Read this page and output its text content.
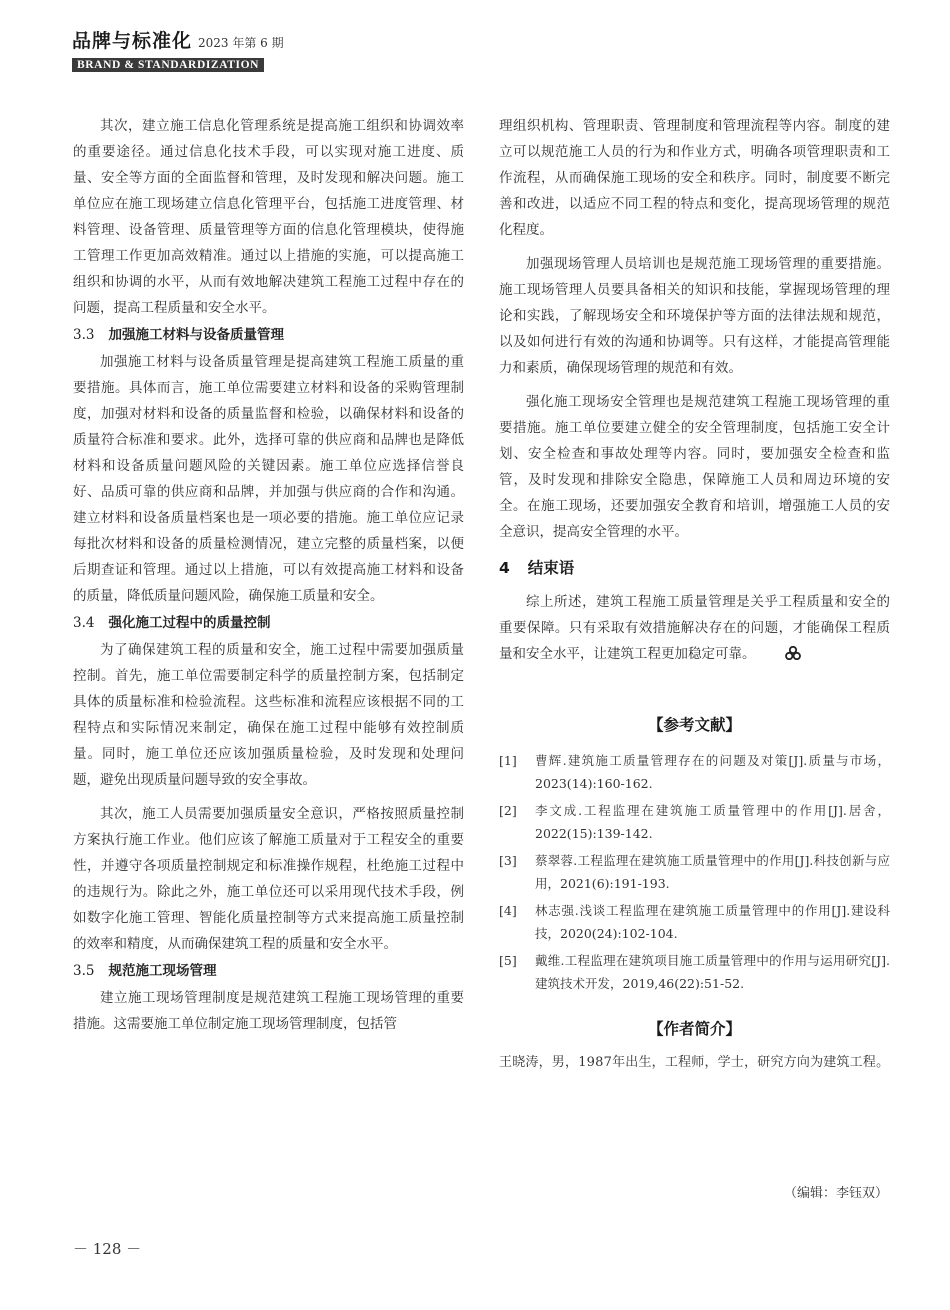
品牌与标准化 2023 年第 6 期
BRAND & STANDARDIZATION

其次，建立施工信息化管理系统是提高施工组织和协调效率的重要途径。通过信息化技术手段，可以实现对施工进度、质量、安全等方面的全面监督和管理，及时发现和解决问题。施工单位应在施工现场建立信息化管理平台，包括施工进度管理、材料管理、设备管理、质量管理等方面的信息化管理模块，使得施工管理工作更加高效精准。通过以上措施的实施，可以提高施工组织和协调的水平，从而有效地解决建筑工程施工过程中存在的问题，提高工程质量和安全水平。

3.3 加强施工材料与设备质量管理

加强施工材料与设备质量管理是提高建筑工程施工质量的重要措施。具体而言，施工单位需要建立材料和设备的采购管理制度，加强对材料和设备的质量监督和检验，以确保材料和设备的质量符合标准和要求。此外，选择可靠的供应商和品牌也是降低材料和设备质量问题风险的关键因素。施工单位应选择信誉良好、品质可靠的供应商和品牌，并加强与供应商的合作和沟通。建立材料和设备质量档案也是一项必要的措施。施工单位应记录每批次材料和设备的质量检测情况，建立完整的质量档案，以便后期查证和管理。通过以上措施，可以有效提高施工材料和设备的质量，降低质量问题风险，确保施工质量和安全。

3.4 强化施工过程中的质量控制

为了确保建筑工程的质量和安全，施工过程中需要加强质量控制。首先，施工单位需要制定科学的质量控制方案，包括制定具体的质量标准和检验流程。这些标准和流程应该根据不同的工程特点和实际情况来制定，确保在施工过程中能够有效控制质量。同时，施工单位还应该加强质量检验，及时发现和处理问题，避免出现质量问题导致的安全事故。

其次，施工人员需要加强质量安全意识，严格按照质量控制方案执行施工作业。他们应该了解施工质量对于工程安全的重要性，并遵守各项质量控制规定和标准操作规程，杜绝施工过程中的违规行为。除此之外，施工单位还可以采用现代技术手段，例如数字化施工管理、智能化质量控制等方式来提高施工质量控制的效率和精度，从而确保建筑工程的质量和安全水平。

3.5 规范施工现场管理

建立施工现场管理制度是规范建筑工程施工现场管理的重要措施。这需要施工单位制定施工现场管理制度，包括管

理组织机构、管理职责、管理制度和管理流程等内容。制度的建立可以规范施工人员的行为和作业方式，明确各项管理职责和工作流程，从而确保施工现场的安全和秩序。同时，制度要不断完善和改进，以适应不同工程的特点和变化，提高现场管理的规范化程度。

加强现场管理人员培训也是规范施工现场管理的重要措施。施工现场管理人员要具备相关的知识和技能，掌握现场管理的理论和实践，了解现场安全和环境保护等方面的法律法规和规范，以及如何进行有效的沟通和协调等。只有这样，才能提高管理能力和素质，确保现场管理的规范和有效。

强化施工现场安全管理也是规范建筑工程施工现场管理的重要措施。施工单位要建立健全的安全管理制度，包括施工安全计划、安全检查和事故处理等内容。同时，要加强安全检查和监管，及时发现和排除安全隐患，保障施工人员和周边环境的安全。在施工现场，还要加强安全教育和培训，增强施工人员的安全意识，提高安全管理的水平。

4 结束语

综上所述，建筑工程施工质量管理是关乎工程质量和安全的重要保障。只有采取有效措施解决存在的问题，才能确保工程质量和安全水平，让建筑工程更加稳定可靠。

【参考文献】
[1]	曹辉.建筑施工质量管理存在的问题及对策[J].质量与市场，2023(14):160-162.
[2]	李文成.工程监理在建筑施工质量管理中的作用[J].居舍，2022(15):139-142.
[3]	蔡翠蓉.工程监理在建筑施工质量管理中的作用[J].科技创新与应用，2021(6):191-193.
[4]	林志强.浅谈工程监理在建筑施工质量管理中的作用[J].建设科技，2020(24):102-104.
[5]	戴维.工程监理在建筑项目施工质量管理中的作用与运用研究[J].建筑技术开发，2019,46(22):51-52.
【作者简介】

王晓涛，男，1987年出生，工程师，学士，研究方向为建筑工程。

（编辑：李钰双）
－ 128 －
